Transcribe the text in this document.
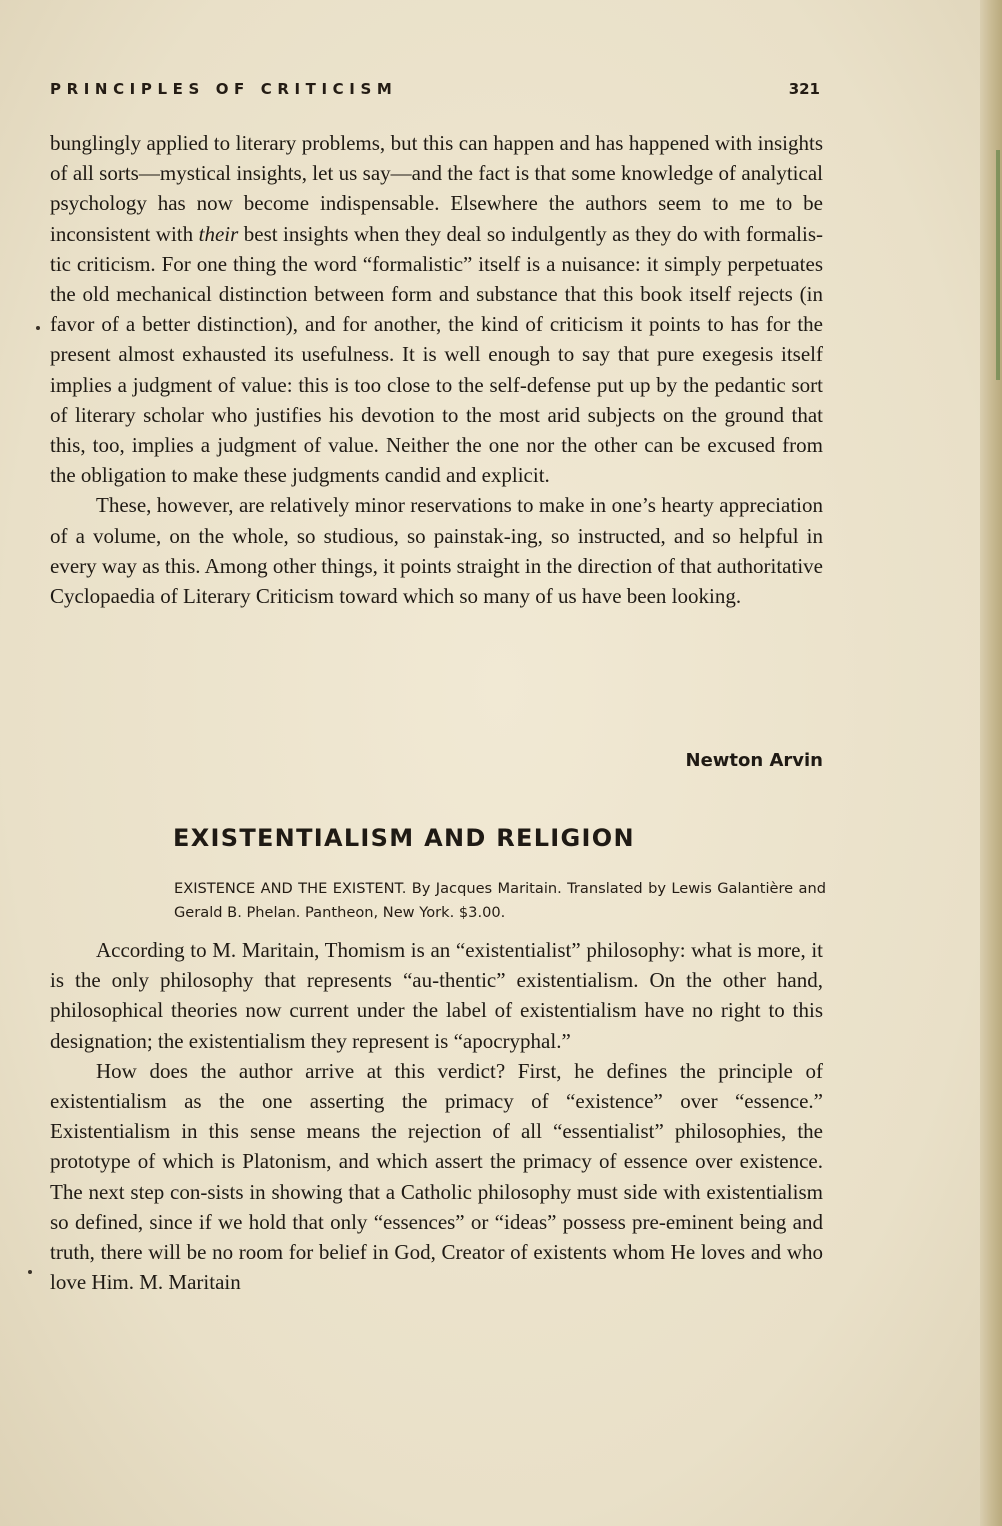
PRINCIPLES OF CRITICISM	321

bunglingly applied to literary problems, but this can happen and has happened with insights of all sorts—mystical insights, let us say—and the fact is that some knowledge of analytical psychology has now become indispensable. Elsewhere the authors seem to me to be inconsistent with their best insights when they deal so indulgently as they do with formalis-tic criticism. For one thing the word “formalistic” itself is a nuisance: it simply perpetuates the old mechanical distinction between form and substance that this book itself rejects (in favor of a better distinction), and for another, the kind of criticism it points to has for the present almost exhausted its usefulness. It is well enough to say that pure exegesis itself implies a judgment of value: this is too close to the self-defense put up by the pedantic sort of literary scholar who justifies his devotion to the most arid subjects on the ground that this, too, implies a judgment of value. Neither the one nor the other can be excused from the obligation to make these judgments candid and explicit.

These, however, are relatively minor reservations to make in one’s hearty appreciation of a volume, on the whole, so studious, so painstak-ing, so instructed, and so helpful in every way as this. Among other things, it points straight in the direction of that authoritative Cyclopaedia of Literary Criticism toward which so many of us have been looking.

Newton Arvin
EXISTENTIALISM AND RELIGION
EXISTENCE AND THE EXISTENT. By Jacques Maritain. Translated by Lewis Galantière and Gerald B. Phelan. Pantheon, New York. $3.00.

According to M. Maritain, Thomism is an “existentialist” philosophy: what is more, it is the only philosophy that represents “au-thentic” existentialism. On the other hand, philosophical theories now current under the label of existentialism have no right to this designation; the existentialism they represent is “apocryphal.”

How does the author arrive at this verdict? First, he defines the principle of existentialism as the one asserting the primacy of “existence” over “essence.” Existentialism in this sense means the rejection of all “essentialist” philosophies, the prototype of which is Platonism, and which assert the primacy of essence over existence. The next step con-sists in showing that a Catholic philosophy must side with existentialism so defined, since if we hold that only “essences” or “ideas” possess pre-eminent being and truth, there will be no room for belief in God, Creator of existents whom He loves and who love Him. M. Maritain
